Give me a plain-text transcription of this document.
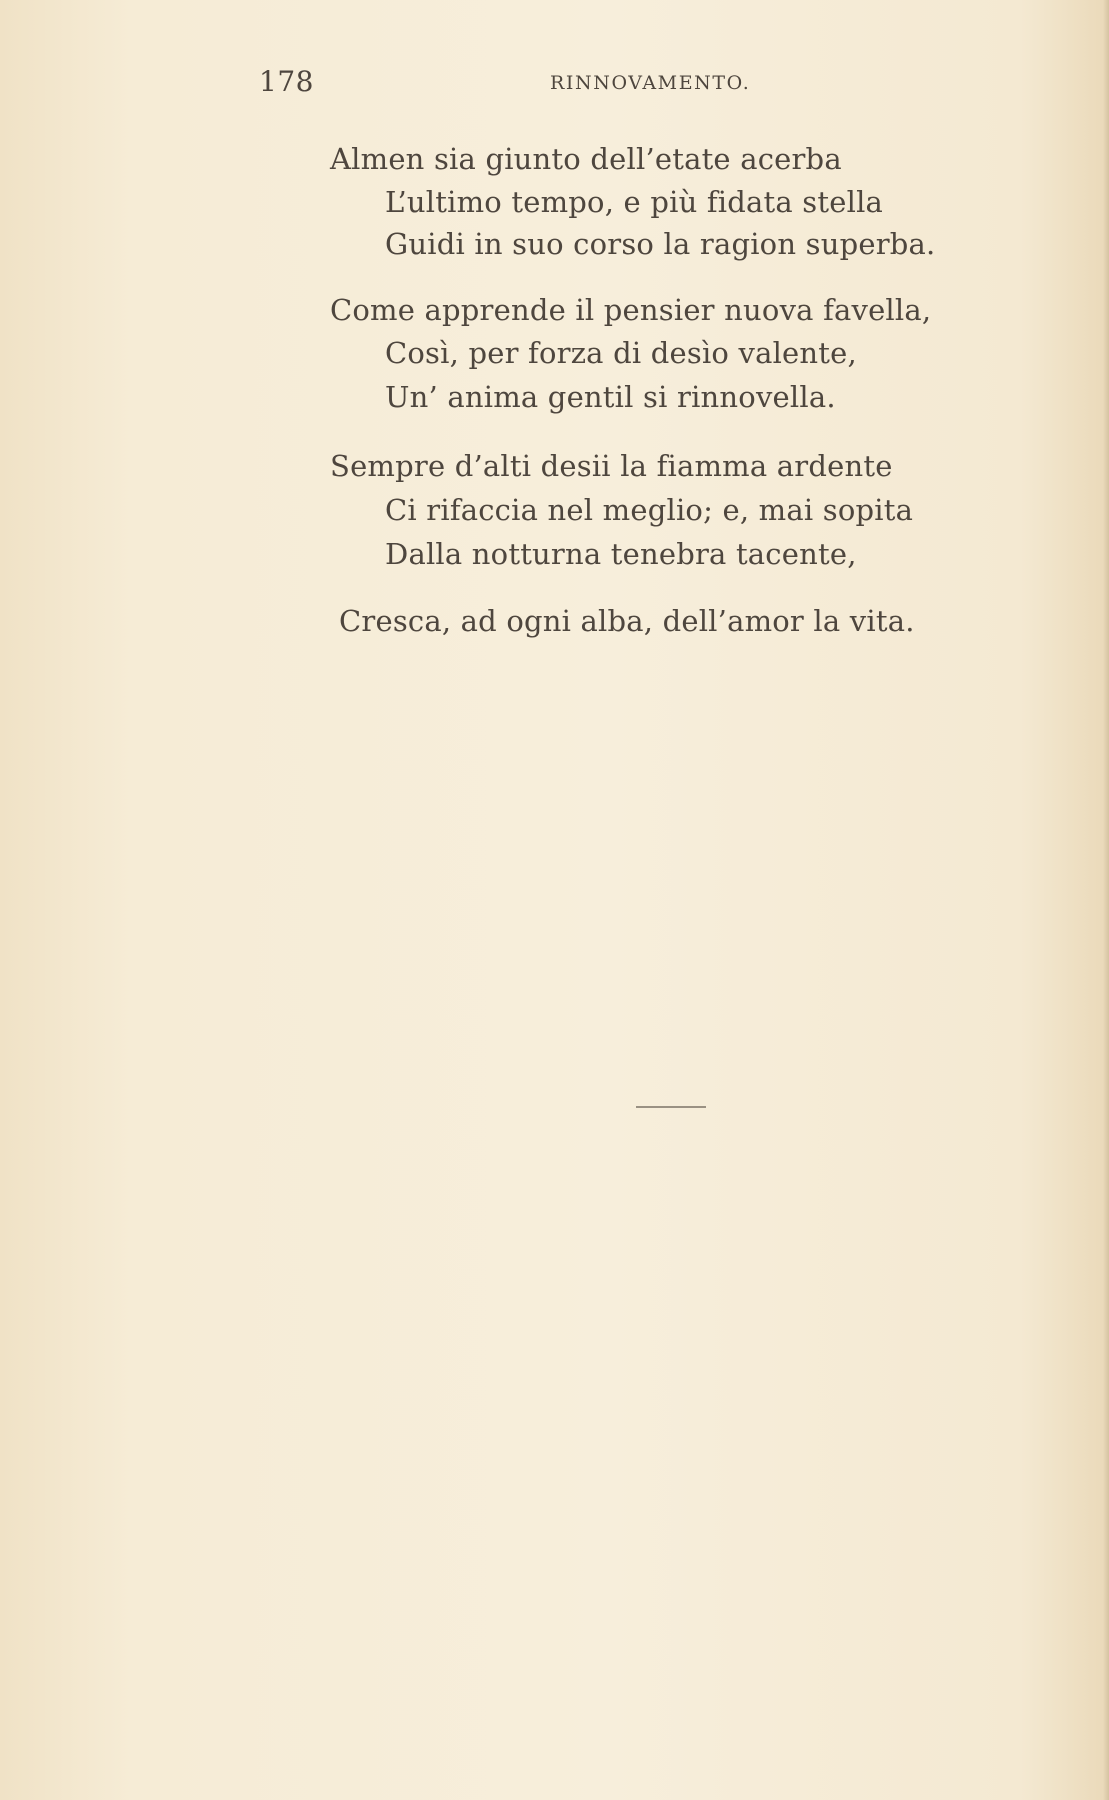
178	RINNOVAMENTO.
Almen sia giunto dell’etate acerba
L’ultimo tempo, e più fidata stella
Guidi in suo corso la ragion superba.
Come apprende il pensier nuova favella,
Così, per forza di desìo valente,
Un’ anima gentil si rinnovella.
Sempre d’alti desii la fiamma ardente
Ci rifaccia nel meglio; e, mai sopita
Dalla notturna tenebra tacente,
Cresca, ad ogni alba, dell’amor la vita.
